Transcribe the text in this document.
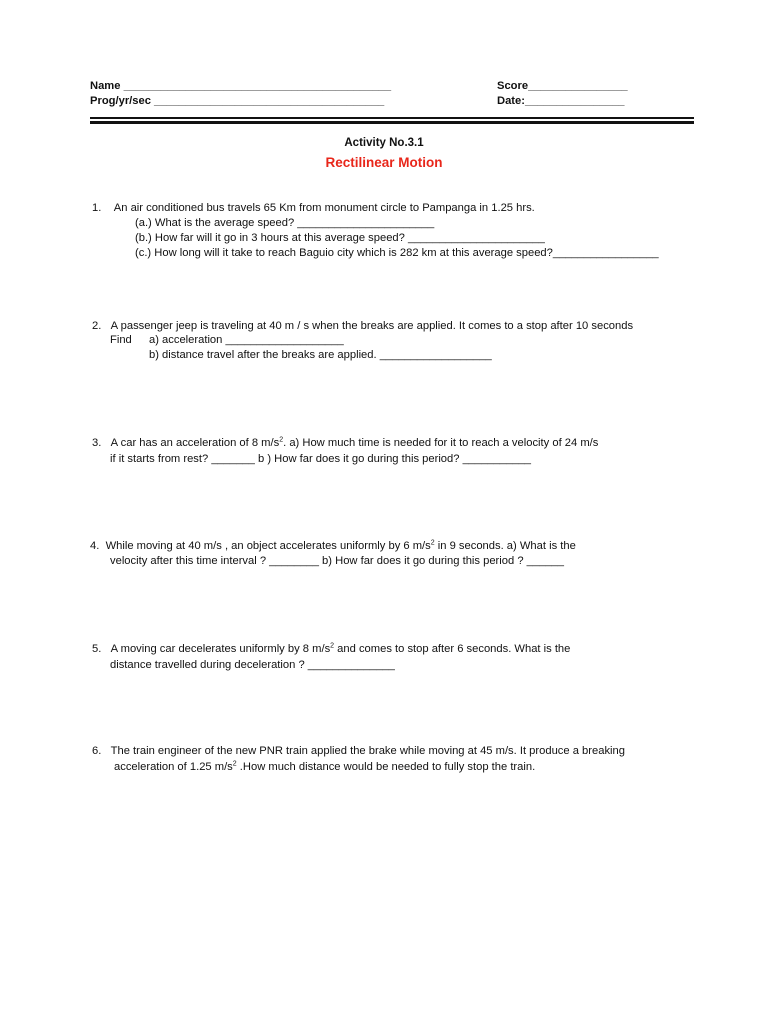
Name ___________________________________________
Prog/yr/sec _____________________________________
Score________________
Date:________________
Activity No.3.1
Rectilinear Motion
1. An air conditioned bus travels 65 Km from monument circle to Pampanga in 1.25 hrs.
(a.) What is the average speed? ______________________
(b.) How far will it go in 3 hours at this average speed? ______________________
(c.) How long will it take to reach Baguio city which is 282 km at this average speed?_________________
2. A passenger jeep is traveling at 40 m / s when the breaks are applied. It comes to a stop after 10 seconds
Find a) acceleration ___________________
b) distance travel after the breaks are applied. __________________
3. A car has an acceleration of 8 $m/s^2$. a) How much time is needed for it to reach a velocity of 24 m/s
if it starts from rest? _______ b ) How far does it go during this period? ___________
4. While moving at 40 m/s , an object accelerates uniformly by 6 $m/s^2$ in 9 seconds. a) What is the
velocity after this time interval ? ________ b) How far does it go during this period ? ______
5. A moving car decelerates uniformly by 8 $m/s^2$ and comes to stop after 6 seconds. What is the
distance travelled during deceleration ? ______________
6. The train engineer of the new PNR train applied the brake while moving at 45 m/s. It produce a breaking
acceleration of 1.25 $m/s^2$ .How much distance would be needed to fully stop the train.
